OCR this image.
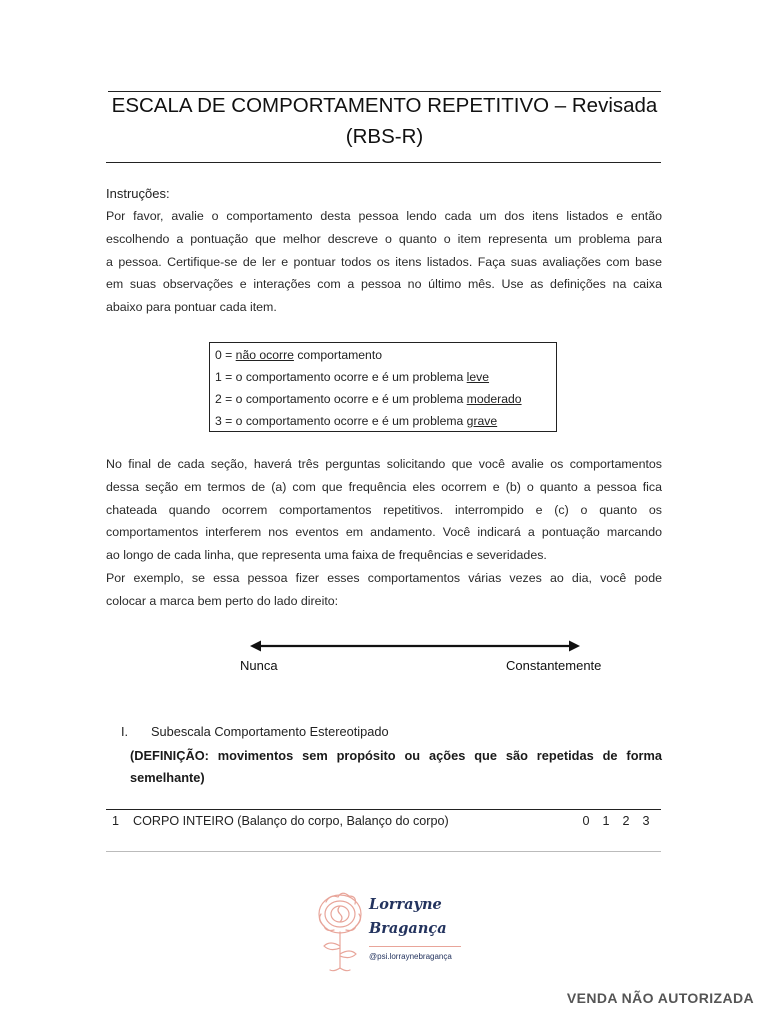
ESCALA DE COMPORTAMENTO REPETITIVO – Revisada
(RBS-R)
Instruções:
Por favor, avalie o comportamento desta pessoa lendo cada um dos itens listados e então
escolhendo a pontuação que melhor descreve o quanto o item representa um problema para
a pessoa. Certifique-se de ler e pontuar todos os itens listados. Faça suas avaliações com base
em suas observações e interações com a pessoa no último mês. Use as definições na caixa
abaixo para pontuar cada item.
0 = não ocorre comportamento
1 = o comportamento ocorre e é um problema leve
2 = o comportamento ocorre e é um problema moderado
3 = o comportamento ocorre e é um problema grave
No final de cada seção, haverá três perguntas solicitando que você avalie os comportamentos
dessa seção em termos de (a) com que frequência eles ocorrem e (b) o quanto a pessoa fica
chateada quando ocorrem comportamentos repetitivos. interrompido e (c) o quanto os
comportamentos interferem nos eventos em andamento. Você indicará a pontuação marcando
ao longo de cada linha, que representa uma faixa de frequências e severidades.
Por exemplo, se essa pessoa fizer esses comportamentos várias vezes ao dia, você pode
colocar a marca bem perto do lado direito:
Nunca	Constantemente
I. Subescala Comportamento Estereotipado
(DEFINIÇÃO: movimentos sem propósito ou ações que são repetidas de forma
semelhante)
1 CORPO INTEIRO (Balanço do corpo, Balanço do corpo)	0 1 2 3
Lorrayne
Bragança
@psi.lorraynebragança
VENDA NÃO AUTORIZADA
